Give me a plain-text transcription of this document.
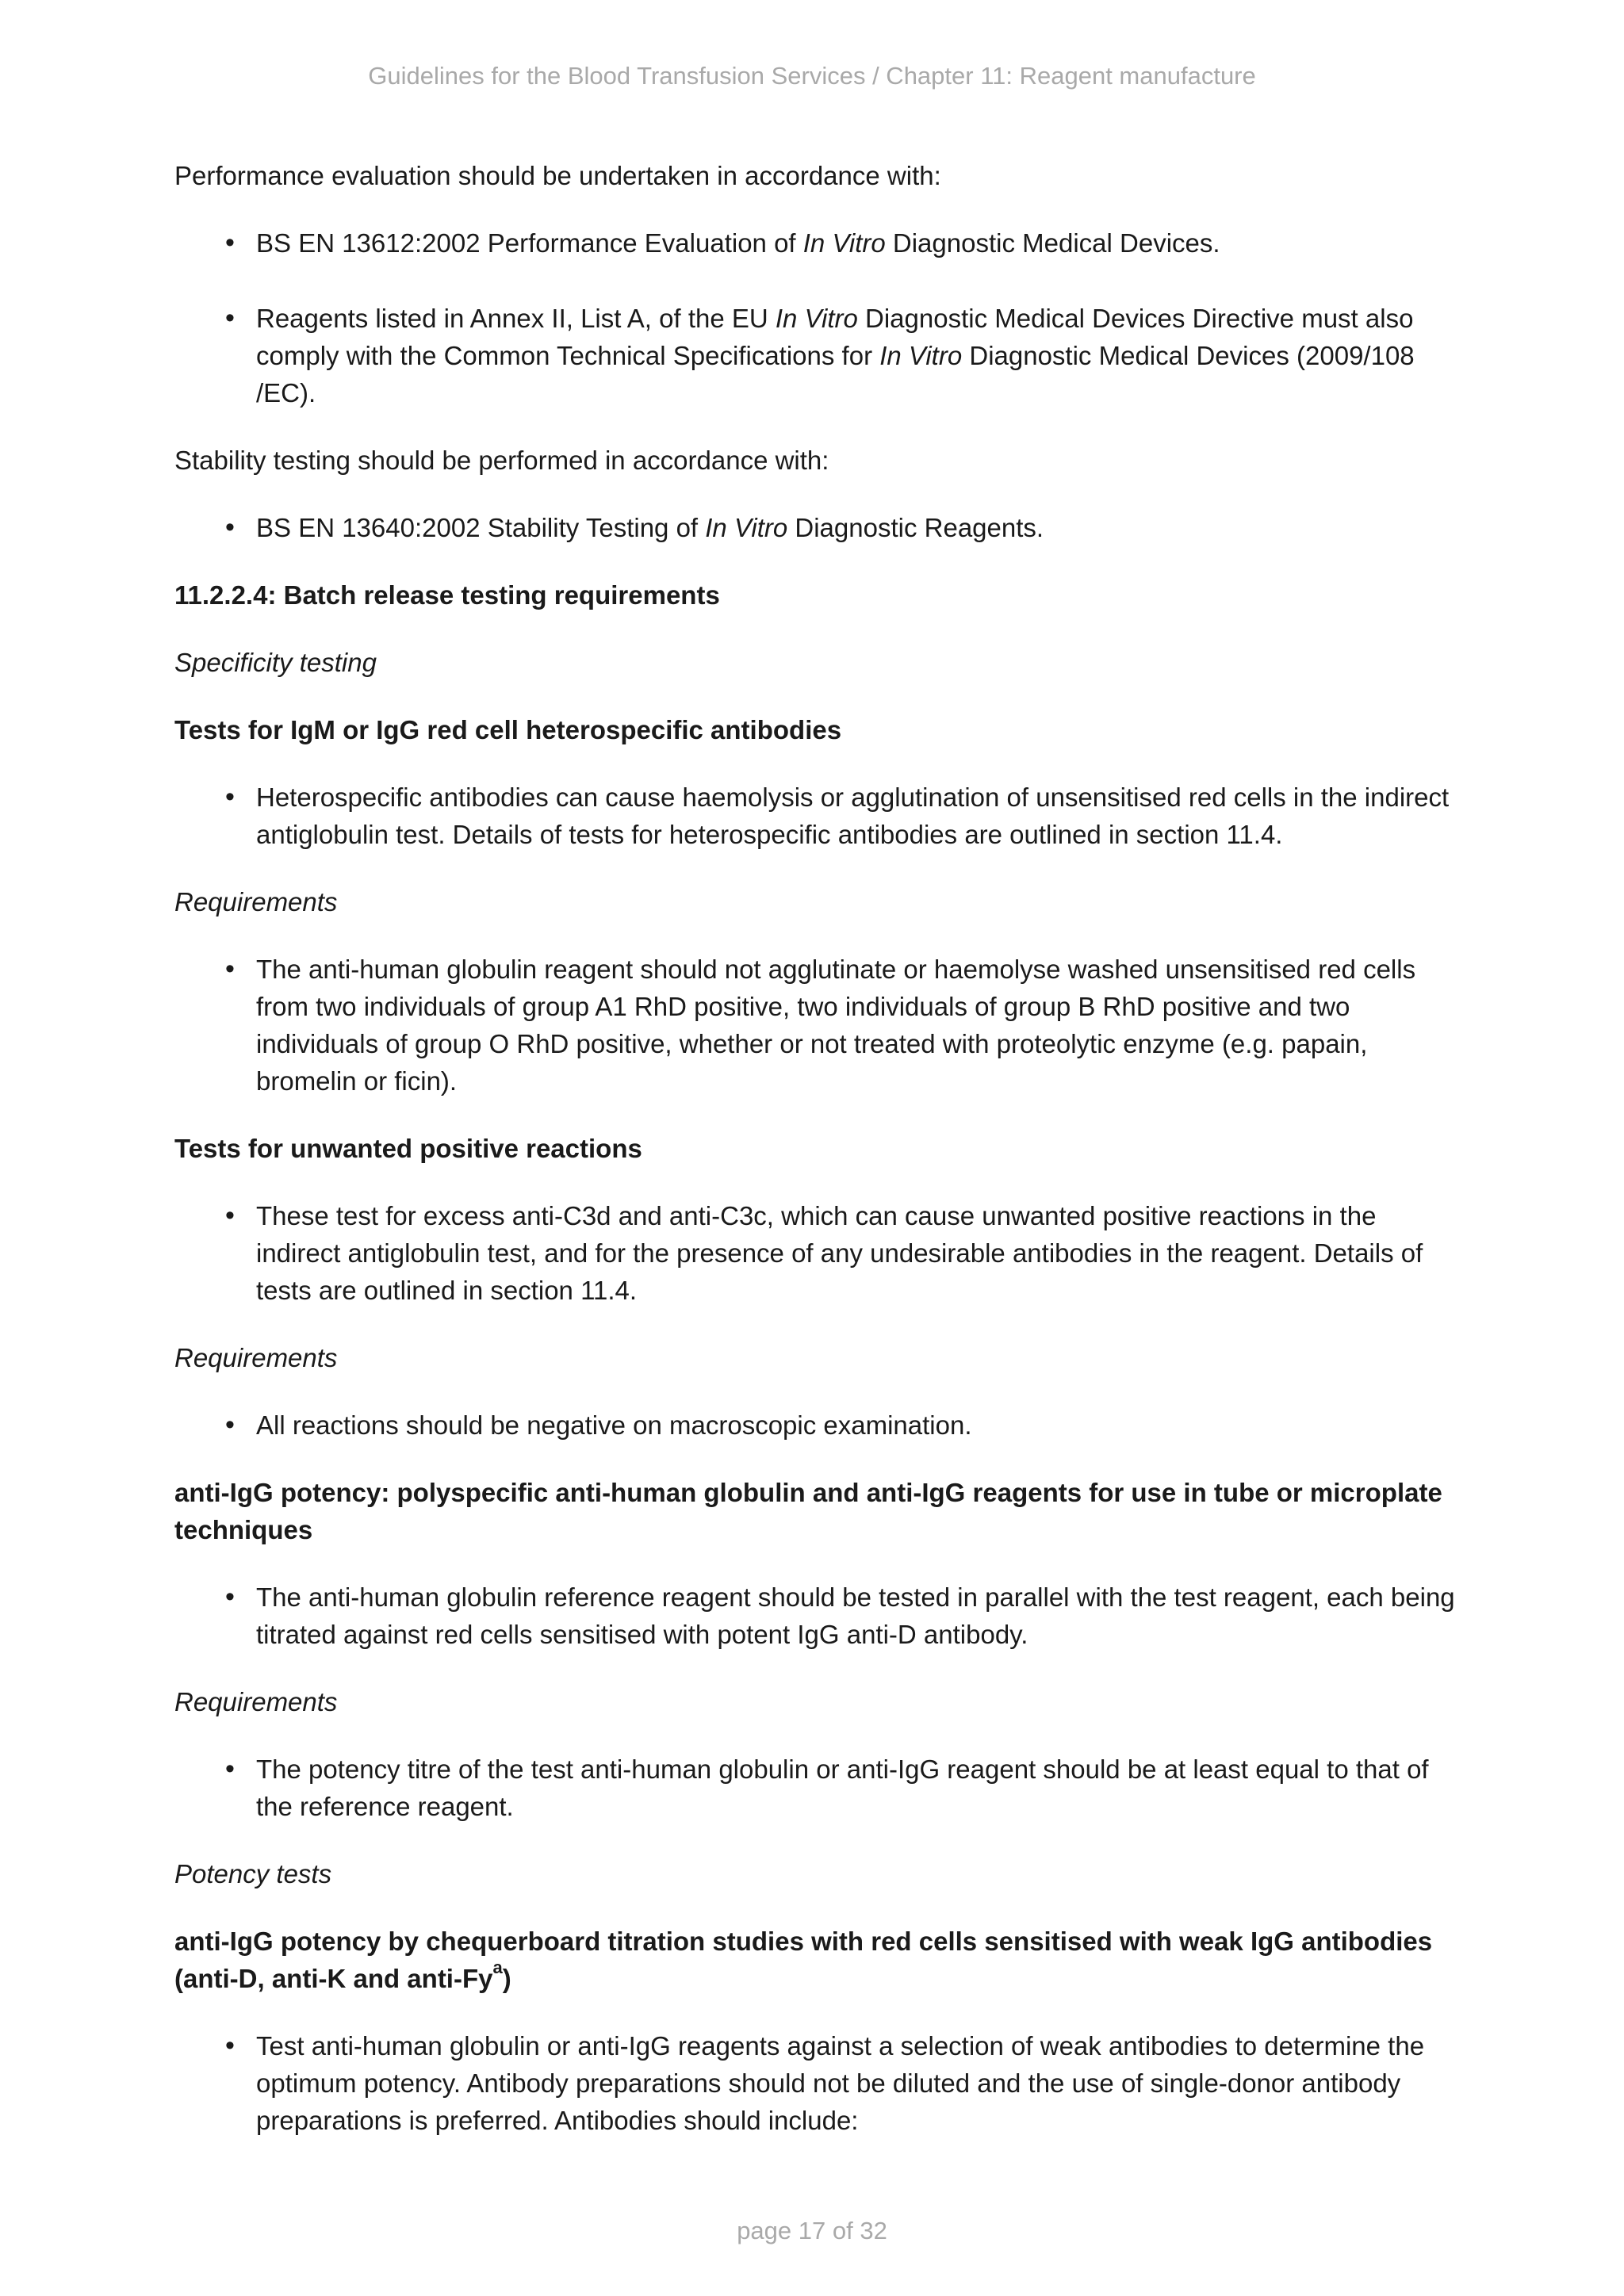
Guidelines for the Blood Transfusion Services / Chapter 11: Reagent manufacture

Performance evaluation should be undertaken in accordance with:

• BS EN 13612:2002 Performance Evaluation of In Vitro Diagnostic Medical Devices.
• Reagents listed in Annex II, List A, of the EU In Vitro Diagnostic Medical Devices Directive must also comply with the Common Technical Specifications for In Vitro Diagnostic Medical Devices (2009/108 /EC).

Stability testing should be performed in accordance with:

• BS EN 13640:2002 Stability Testing of In Vitro Diagnostic Reagents.

11.2.2.4: Batch release testing requirements

Specificity testing

Tests for IgM or IgG red cell heterospecific antibodies

• Heterospecific antibodies can cause haemolysis or agglutination of unsensitised red cells in the indirect antiglobulin test. Details of tests for heterospecific antibodies are outlined in section 11.4.

Requirements

• The anti-human globulin reagent should not agglutinate or haemolyse washed unsensitised red cells from two individuals of group A1 RhD positive, two individuals of group B RhD positive and two individuals of group O RhD positive, whether or not treated with proteolytic enzyme (e.g. papain, bromelin or ficin).

Tests for unwanted positive reactions

• These test for excess anti-C3d and anti-C3c, which can cause unwanted positive reactions in the indirect antiglobulin test, and for the presence of any undesirable antibodies in the reagent. Details of tests are outlined in section 11.4.

Requirements

• All reactions should be negative on macroscopic examination.

anti-IgG potency: polyspecific anti-human globulin and anti-IgG reagents for use in tube or microplate techniques

• The anti-human globulin reference reagent should be tested in parallel with the test reagent, each being titrated against red cells sensitised with potent IgG anti-D antibody.

Requirements

• The potency titre of the test anti-human globulin or anti-IgG reagent should be at least equal to that of the reference reagent.

Potency tests

anti-IgG potency by chequerboard titration studies with red cells sensitised with weak IgG antibodies (anti-D, anti-K and anti-Fy$^a$)

• Test anti-human globulin or anti-IgG reagents against a selection of weak antibodies to determine the optimum potency. Antibody preparations should not be diluted and the use of single-donor antibody preparations is preferred. Antibodies should include:
page 17 of 32
